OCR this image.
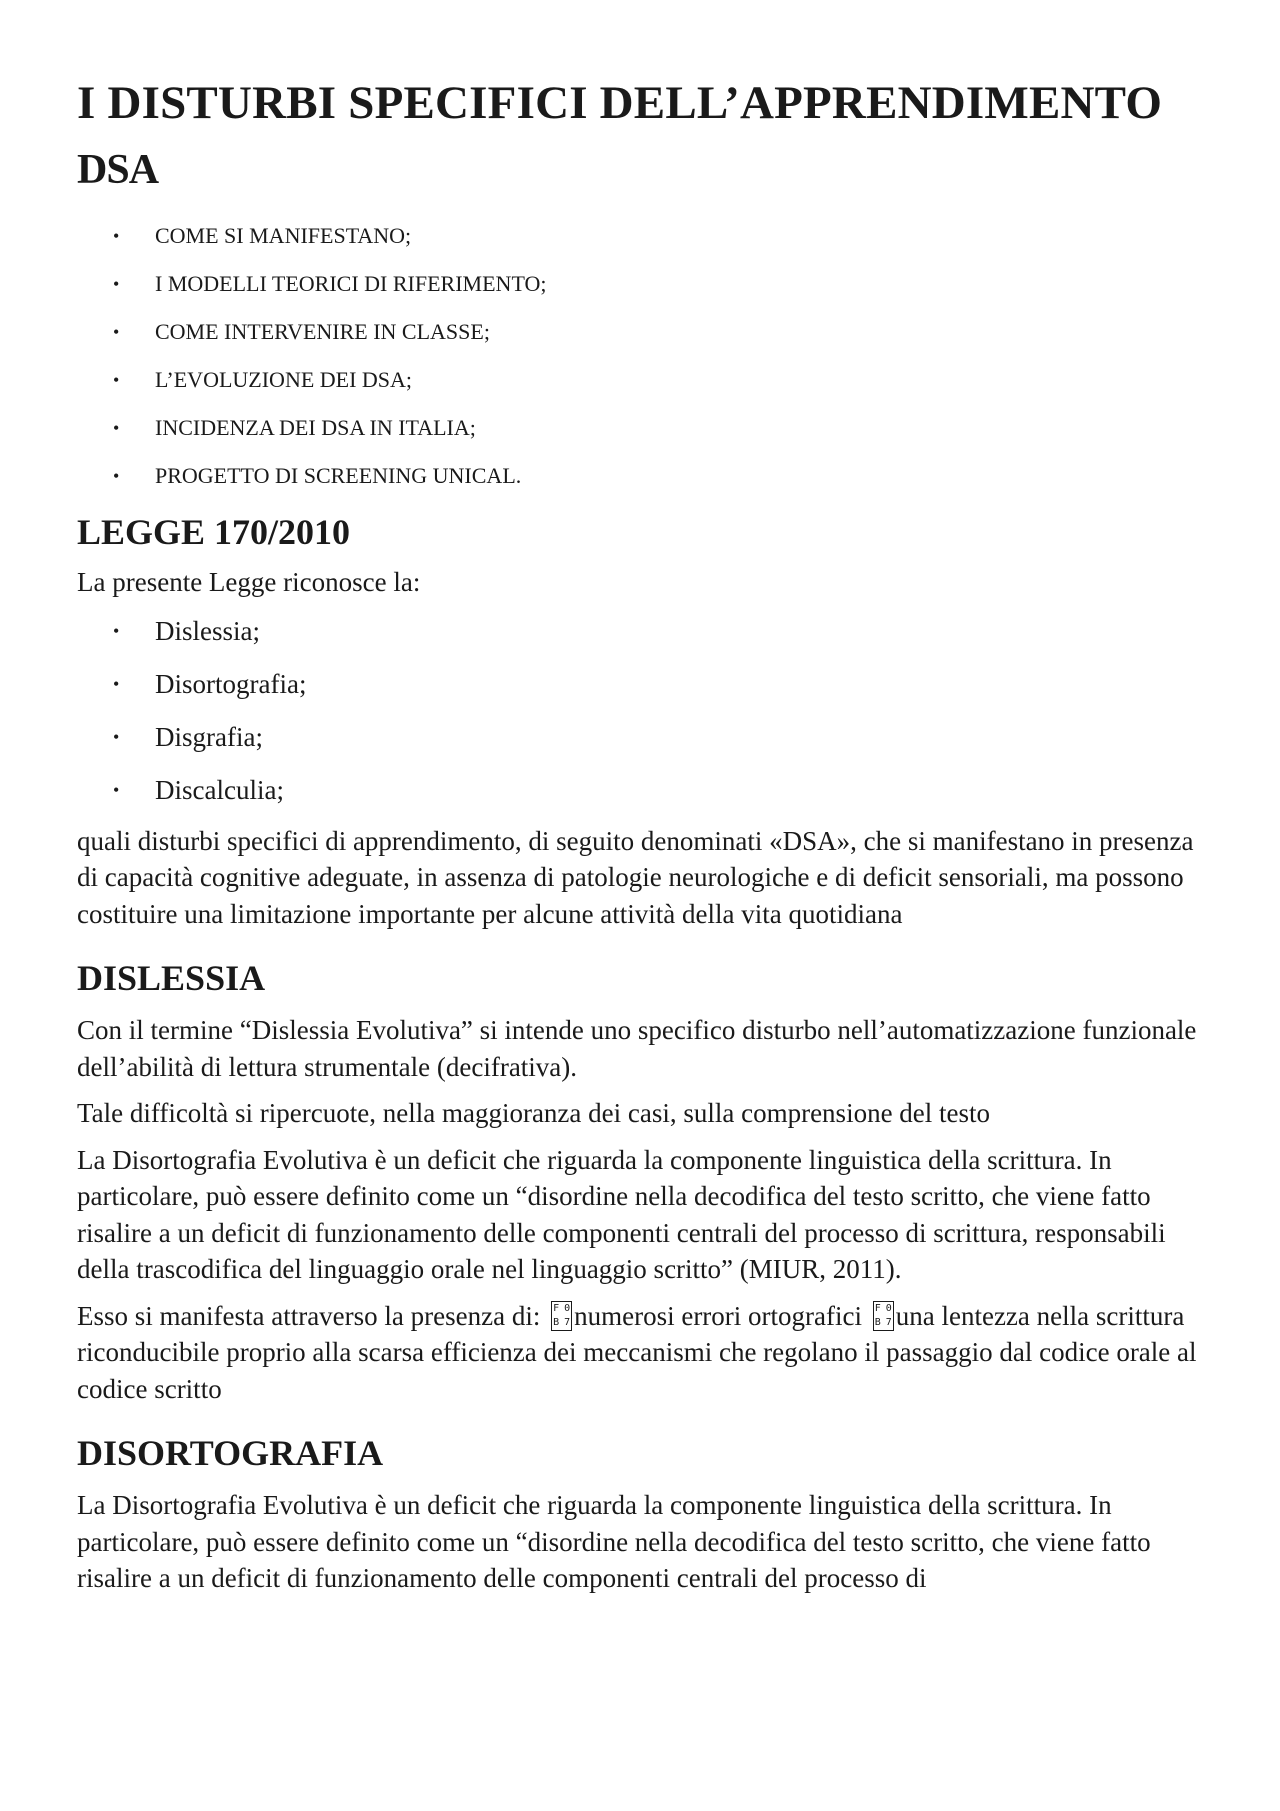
I DISTURBI SPECIFICI DELL’APPRENDIMENTO
DSA
• COME SI MANIFESTANO;
• I MODELLI TEORICI DI RIFERIMENTO;
• COME INTERVENIRE IN CLASSE;
• L’EVOLUZIONE DEI DSA;
• INCIDENZA DEI DSA IN ITALIA;
• PROGETTO DI SCREENING UNICAL.
LEGGE 170/2010

La presente Legge riconosce la:

• Dislessia;
• Disortografia;
• Disgrafia;
• Discalculia;

quali disturbi specifici di apprendimento, di seguito denominati «DSA», che si manifestano in presenza di capacità cognitive adeguate, in assenza di patologie neurologiche e di deficit sensoriali, ma possono costituire una limitazione importante per alcune attività della vita quotidiana

DISLESSIA

Con il termine “Dislessia Evolutiva” si intende uno specifico disturbo nell’automatizzazione funzionale dell’abilità di lettura strumentale (decifrativa).

Tale difficoltà si ripercuote, nella maggioranza dei casi, sulla comprensione del testo

La Disortografia Evolutiva è un deficit che riguarda la componente linguistica della scrittura. In particolare, può essere definito come un “disordine nella decodifica del testo scritto, che viene fatto risalire a un deficit di funzionamento delle componenti centrali del processo di scrittura, responsabili della trascodifica del linguaggio orale nel linguaggio scritto” (MIUR, 2011).

Esso si manifesta attraverso la presenza di: F 0
B 7 numerosi errori ortografici F 0
B 7 una lentezza nella scrittura riconducibile proprio alla scarsa efficienza dei meccanismi che regolano il passaggio dal codice orale al codice scritto

DISORTOGRAFIA

La Disortografia Evolutiva è un deficit che riguarda la componente linguistica della scrittura. In particolare, può essere definito come un “disordine nella decodifica del testo scritto, che viene fatto risalire a un deficit di funzionamento delle componenti centrali del processo di
